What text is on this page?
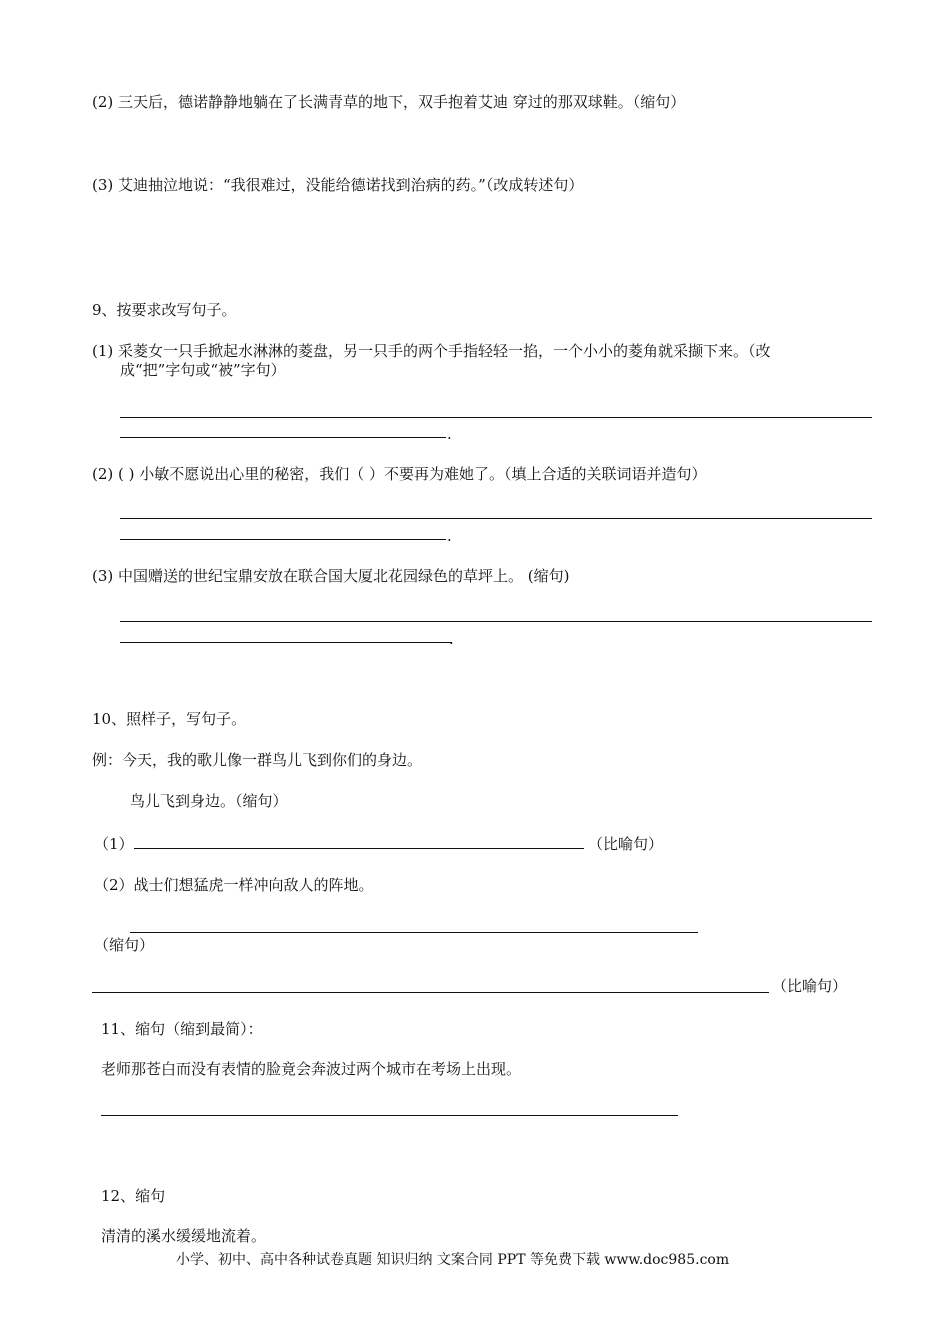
(2) 三天后，德诺静静地躺在了长满青草的地下，双手抱着艾迪 穿过的那双球鞋。（缩句）
(3) 艾迪抽泣地说：“我很难过，没能给德诺找到治病的药。”（改成转述句）
9、按要求改写句子。
(1) 采菱女一只手掀起水淋淋的菱盘，另一只手的两个手指轻轻一掐，一个小小的菱角就采撷下来。（改
成“把”字句或“被”字句）
.
(2) ( ) 小敏不愿说出心里的秘密，我们（ ）不要再为难她了。（填上合适的关联词语并造句）
.
(3) 中国赠送的世纪宝鼎安放在联合国大厦北花园绿色的草坪上。 (缩句)
.
10、照样子，写句子。
例：今天，我的歌儿像一群鸟儿飞到你们的身边。
鸟儿飞到身边。（缩句）
（1）	（比喻句）
（2）战士们想猛虎一样冲向敌人的阵地。
（缩句）
（比喻句）
11、缩句（缩到最简）：
老师那苍白而没有表情的脸竟会奔波过两个城市在考场上出现。
12、缩句
清清的溪水缓缓地流着。
小学、初中、高中各种试卷真题 知识归纳 文案合同 PPT 等免费下载 www.doc985.com
